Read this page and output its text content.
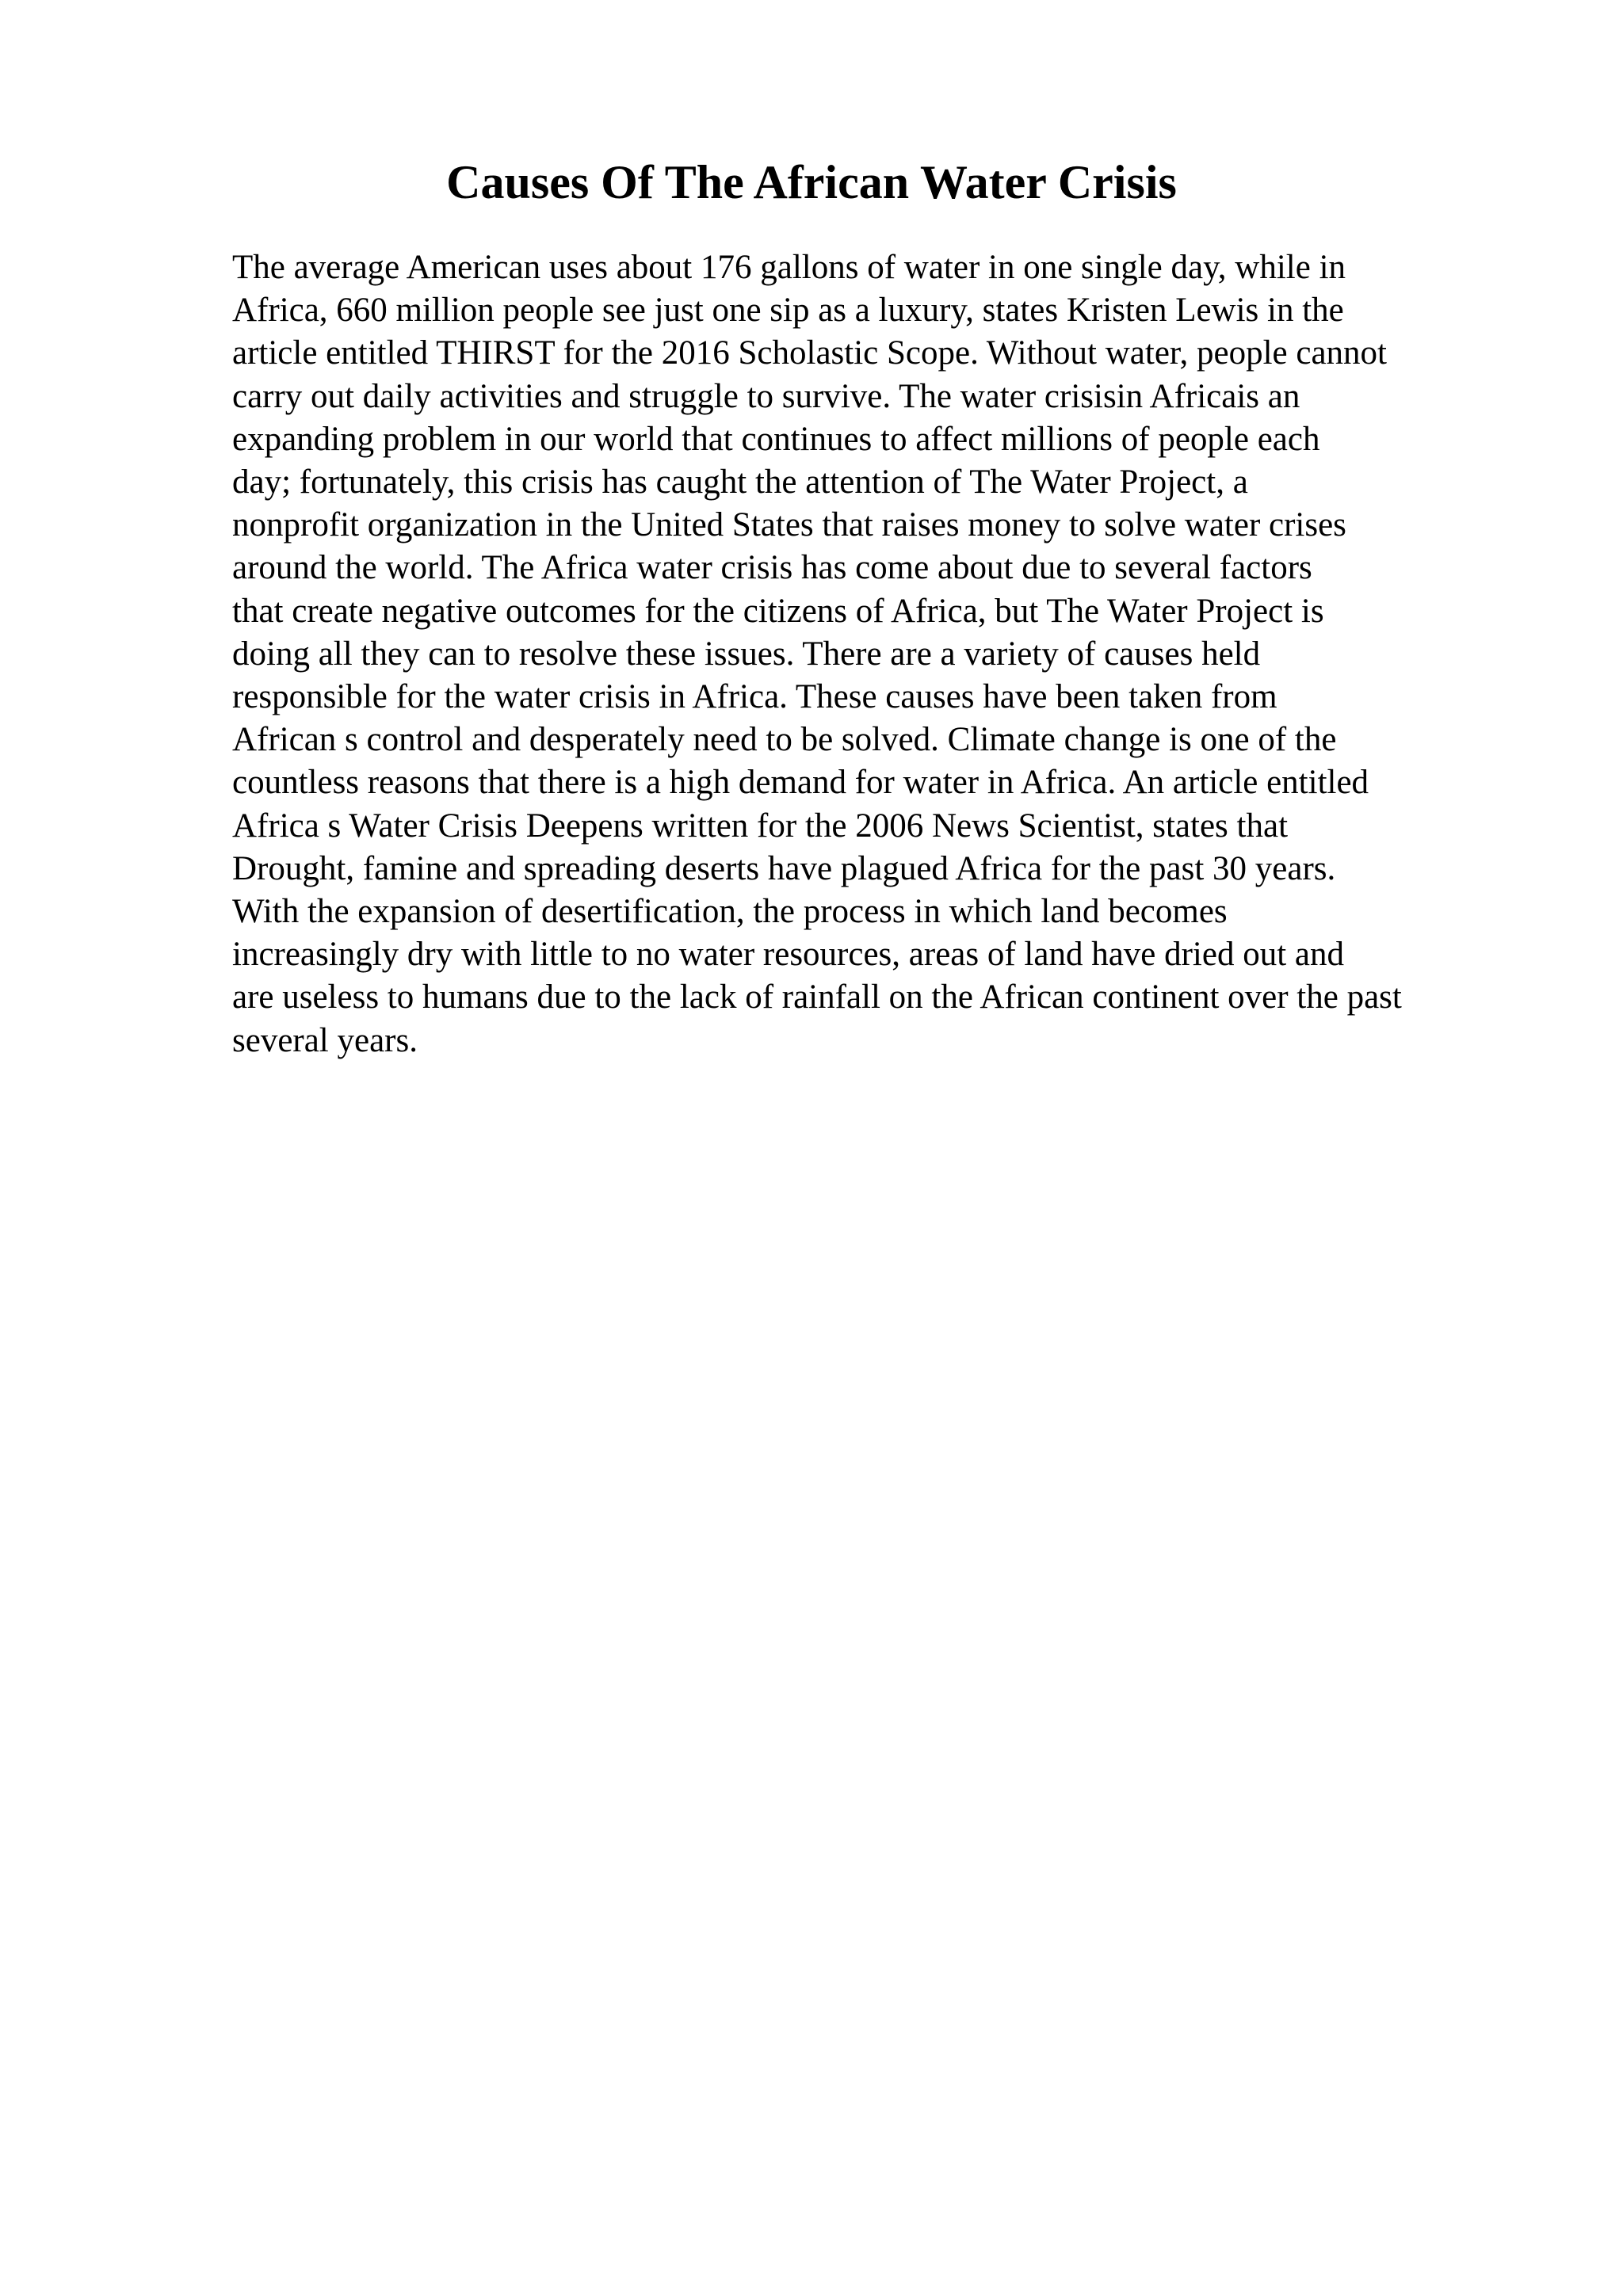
Causes Of The African Water Crisis

The average American uses about 176 gallons of water in one single day, while in
Africa, 660 million people see just one sip as a luxury, states Kristen Lewis in the
article entitled THIRST for the 2016 Scholastic Scope. Without water, people cannot
carry out daily activities and struggle to survive. The water crisisin Africais an
expanding problem in our world that continues to affect millions of people each
day; fortunately, this crisis has caught the attention of The Water Project, a
nonprofit organization in the United States that raises money to solve water crises
around the world. The Africa water crisis has come about due to several factors
that create negative outcomes for the citizens of Africa, but The Water Project is
doing all they can to resolve these issues. There are a variety of causes held
responsible for the water crisis in Africa. These causes have been taken from
African s control and desperately need to be solved. Climate change is one of the
countless reasons that there is a high demand for water in Africa. An article entitled
Africa s Water Crisis Deepens written for the 2006 News Scientist, states that
Drought, famine and spreading deserts have plagued Africa for the past 30 years.
With the expansion of desertification, the process in which land becomes
increasingly dry with little to no water resources, areas of land have dried out and
are useless to humans due to the lack of rainfall on the African continent over the past
several years.
